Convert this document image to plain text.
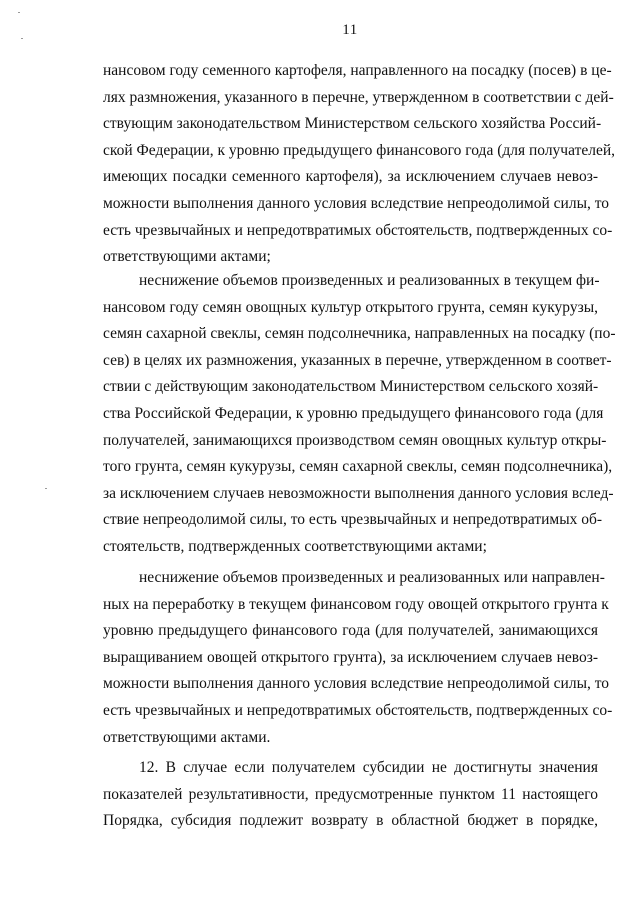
11
нансовом году семенного картофеля, направленного на посадку (посев) в це-
лях размножения, указанного в перечне, утвержденном в соответствии с дей-
ствующим законодательством Министерством сельского хозяйства Россий-
ской Федерации, к уровню предыдущего финансового года (для получателей,
имеющих посадки семенного картофеля), за исключением случаев невоз-
можности выполнения данного условия вследствие непреодолимой силы, то
есть чрезвычайных и непредотвратимых обстоятельств, подтвержденных со-
ответствующими актами;
неснижение объемов произведенных и реализованных в текущем фи-
нансовом году семян овощных культур открытого грунта, семян кукурузы,
семян сахарной свеклы, семян подсолнечника, направленных на посадку (по-
сев) в целях их размножения, указанных в перечне, утвержденном в соответ-
ствии с действующим законодательством Министерством сельского хозяй-
ства Российской Федерации, к уровню предыдущего финансового года (для
получателей, занимающихся производством семян овощных культур откры-
того грунта, семян кукурузы, семян сахарной свеклы, семян подсолнечника),
за исключением случаев невозможности выполнения данного условия вслед-
ствие непреодолимой силы, то есть чрезвычайных и непредотвратимых об-
стоятельств, подтвержденных соответствующими актами;
неснижение объемов произведенных и реализованных или направлен-
ных на переработку в текущем финансовом году овощей открытого грунта к
уровню предыдущего финансового года (для получателей, занимающихся
выращиванием овощей открытого грунта), за исключением случаев невоз-
можности выполнения данного условия вследствие непреодолимой силы, то
есть чрезвычайных и непредотвратимых обстоятельств, подтвержденных со-
ответствующими актами.
12. В случае если получателем субсидии не достигнуты значения
показателей результативности, предусмотренные пунктом 11 настоящего
Порядка, субсидия подлежит возврату в областной бюджет в порядке,
